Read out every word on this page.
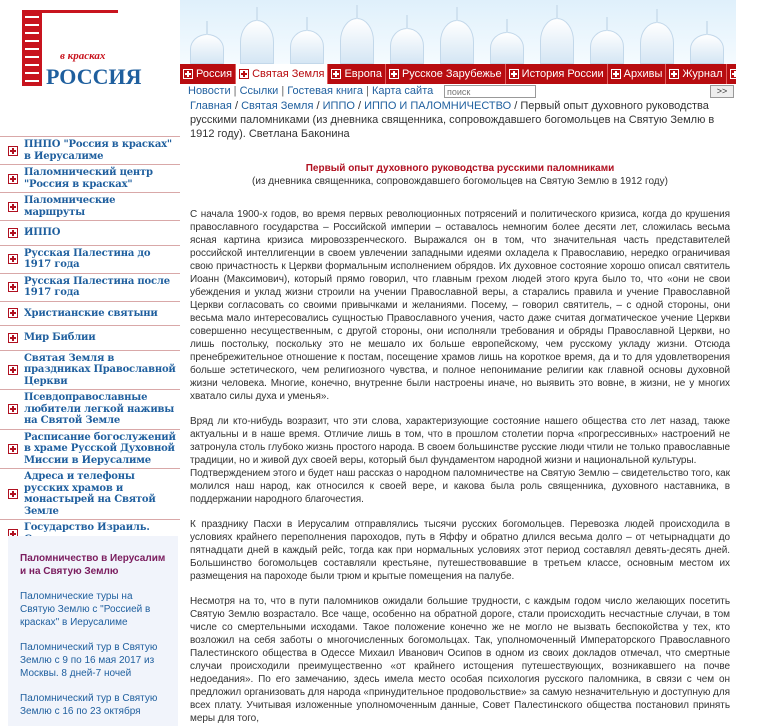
в красках
РОССИЯ
ПНПО "Россия в красках" в Иерусалиме
Паломнический центр "Россия в красках"
Паломнические маршруты
ИППО
Русская Палестина до 1917 года
Русская Палестина после 1917 года
Христианские святыни
Мир Библии
Святая Земля в праздниках Православной Церкви
Псевдоправославные любители легкой наживы на Святой Земле
Расписание богослужений в храме Русской Духовной Миссии в Иерусалиме
Адреса и телефоны русских храмов и монастырей на Святой Земле
Государство Израиль.
Паломничество в Иерусалим и на Святую Землю
Паломнические туры на Святую Землю с "Россией в красках" в Иерусалиме
Паломнический тур в Святую Землю с 9 по 16 мая 2017 из Москвы. 8 дней-7 ночей
Паломнический тур в Святую Землю с 16 по 23 октября
Россия Святая Земля Европа Русское Зарубежье История России Архивы Журнал О нас
Новости | Ссылки | Гостевая книга | Карта сайта
поиск	>>
Главная / Святая Земля / ИППО / ИППО И ПАЛОМНИЧЕСТВО / Первый опыт духовного руководства русскими паломниками (из дневника священника, сопровождавшего богомольцев на Святую Землю в 1912 году). Светлана Баконина
Первый опыт духовного руководства русскими паломниками
(из дневника священника, сопровождавшего богомольцев на Святую Землю в 1912 году)

С начала 1900-х годов, во время первых революционных потрясений и политического кризиса, когда до крушения православного государства – Российской империи – оставалось немногим более десяти лет, сложилась весьма ясная картина кризиса мировоззренческого. Выражался он в том, что значительная часть представителей российской интеллигенции в своем увлечении западными идеями охладела к Православию, нередко ограничивая свою причастность к Церкви формальным исполнением обрядов. Их духовное состояние хорошо описал святитель Иоанн (Максимович), который прямо говорил, что главным грехом людей этого круга было то, что «они не свои убеждения и уклад жизни строили на учении Православной веры, а старались правила и учение Православной Церкви согласовать со своими привычками и желаниями. Посему, – говорил святитель, – с одной стороны, они весьма мало интересовались сущностью Православного учения, часто даже считая догматическое учение Церкви совершенно несущественным, с другой стороны, они исполняли требования и обряды Православной Церкви, но лишь постольку, поскольку это не мешало их больше европейскому, чем русскому укладу жизни. Отсюда пренебрежительное отношение к постам, посещение храмов лишь на короткое время, да и то для удовлетворения больше эстетического, чем религиозного чувства, и полное непонимание религии как главной основы духовной жизни человека. Многие, конечно, внутренне были настроены иначе, но выявить это вовне, в жизни, не у многих хватало силы духа и уменья».

Вряд ли кто-нибудь возразит, что эти слова, характеризующие состояние нашего общества сто лет назад, также актуальны и в наше время. Отличие лишь в том, что в прошлом столетии порча «прогрессивных» настроений не затронула столь глубоко жизнь простого народа. В своем большинстве русские люди чтили не только православные традиции, но и живой дух своей веры, который был фундаментом народной жизни и национальной культуры.

Подтверждением этого и будет наш рассказ о народном паломничестве на Святую Землю – свидетельство того, как молился наш народ, как относился к своей вере, и какова была роль священника, духовного наставника, в поддержании народного благочестия.

К празднику Пасхи в Иерусалим отправлялись тысячи русских богомольцев. Перевозка людей происходила в условиях крайнего переполнения пароходов, путь в Яффу и обратно длился весьма долго – от четырнадцати до пятнадцати дней в каждый рейс, тогда как при нормальных условиях этот период составлял девять-десять дней. Большинство богомольцев составляли крестьяне, путешествовавшие в третьем классе, основным местом их размещения на пароходе были трюм и крытые помещения на палубе.

Несмотря на то, что в пути паломников ожидали большие трудности, с каждым годом число желающих посетить Святую Землю возрастало. Все чаще, особенно на обратной дороге, стали происходить несчастные случаи, в том числе со смертельными исходами. Такое положение конечно же не могло не вызвать беспокойства у тех, кто возложил на себя заботы о многочисленных богомольцах. Так, уполномоченный Императорского Православного Палестинского общества в Одессе Михаил Иванович Осипов в одном из своих докладов отмечал, что смертные случаи происходили преимущественно «от крайнего истощения путешествующих, возникавшего на почве недоедания». По его замечанию, здесь имела место особая психология русского паломника, в связи с чем он предложил организовать для народа «принудительное продовольствие» за самую незначительную и доступную для всех плату. Учитывая изложенные уполномоченным данные, Совет Палестинского общества постановил принять меры для того,
